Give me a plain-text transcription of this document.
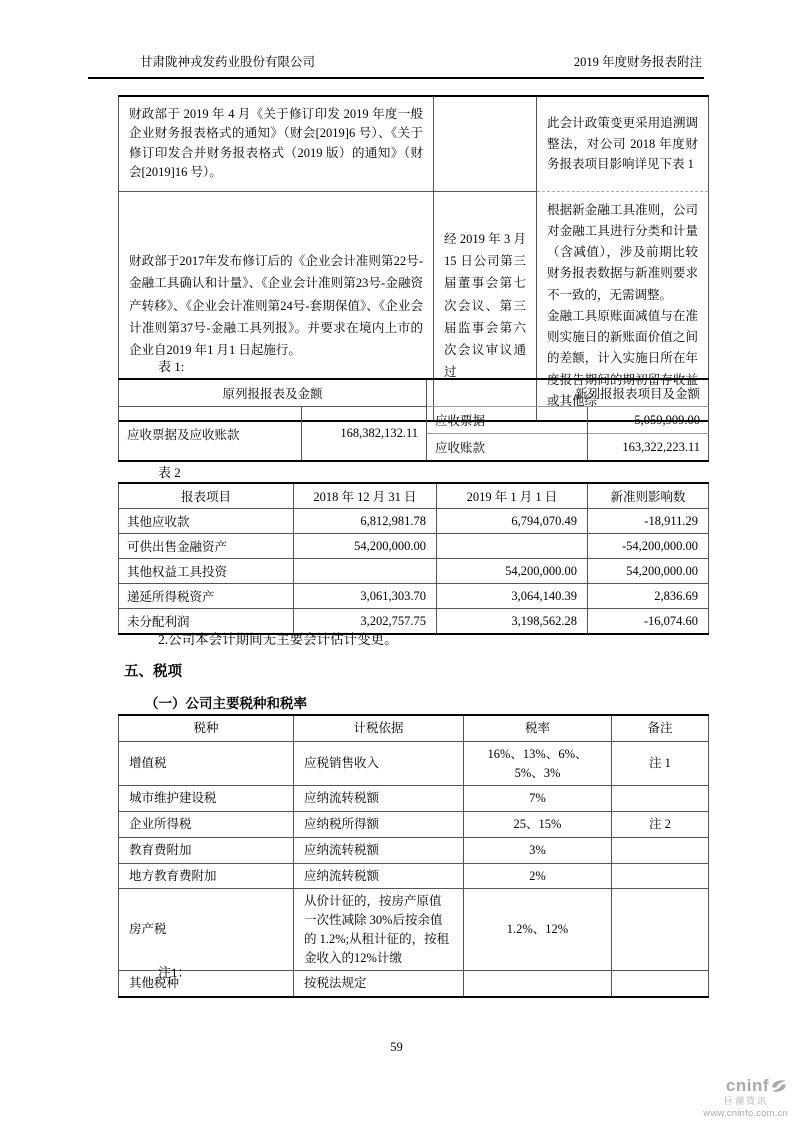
甘肃陇神戎发药业股份有限公司	2019 年度财务报表附注
财政部于 2019 年 4 月《关于修订印发 2019 年度一般企业财务报表格式的通知》（财会[2019]6 号）、《关于修订印发合并财务报表格式（2019 版）的通知》（财会[2019]16 号）。		此会计政策变更采用追溯调整法，对公司 2018 年度财务报表项目影响详见下表 1
财政部于2017年发布修订后的《企业会计准则第22号-金融工具确认和计量》、《企业会计准则第23号-金融资产转移》、《企业会计准则第24号-套期保值》、《企业会计准则第37号-金融工具列报》。并要求在境内上市的企业自2019 年1 月1 日起施行。	经 2019 年 3 月 15 日公司第三届董事会第七次会议、第三届监事会第六次会议审议通过	根据新金融工具准则，公司对金融工具进行分类和计量（含减值），涉及前期比较财务报表数据与新准则要求不一致的，无需调整。
金融工具原账面减值与在准则实施日的新账面价值之间的差额，计入实施日所在年度报告期间的期初留存收益或其他综
表 1:
原列报报表及金额		新列报报表项目及金额	
应收票据及应收账款	168,382,132.11	应收票据	5,059,909.00
		应收账款	163,322,223.11
表 2
报表项目	2018 年 12 月 31 日	2019 年 1 月 1 日	新准则影响数
其他应收款	6,812,981.78	6,794,070.49	-18,911.29
可供出售金融资产	54,200,000.00		-54,200,000.00
其他权益工具投资		54,200,000.00	54,200,000.00
递延所得税资产	3,061,303.70	3,064,140.39	2,836.69
未分配利润	3,202,757.75	3,198,562.28	-16,074.60
2.公司本会计期间无主要会计估计变更。
五、税项
（一）公司主要税种和税率
税种	计税依据	税率	备注
增值税	应税销售收入	16%、13%、6%、5%、3%	注 1
城市维护建设税	应纳流转税额	7%	
企业所得税	应纳税所得额	25、15%	注 2
教育费附加	应纳流转税额	3%	
地方教育费附加	应纳流转税额	2%	
房产税	从价计征的，按房产原值一次性减除 30%后按余值的 1.2%;从租计征的，按租金收入的12%计缴	1.2%、12%	
其他税种	按税法规定		
注1：
59
cninf
巨潮资讯
www.cninfo.com.cn
